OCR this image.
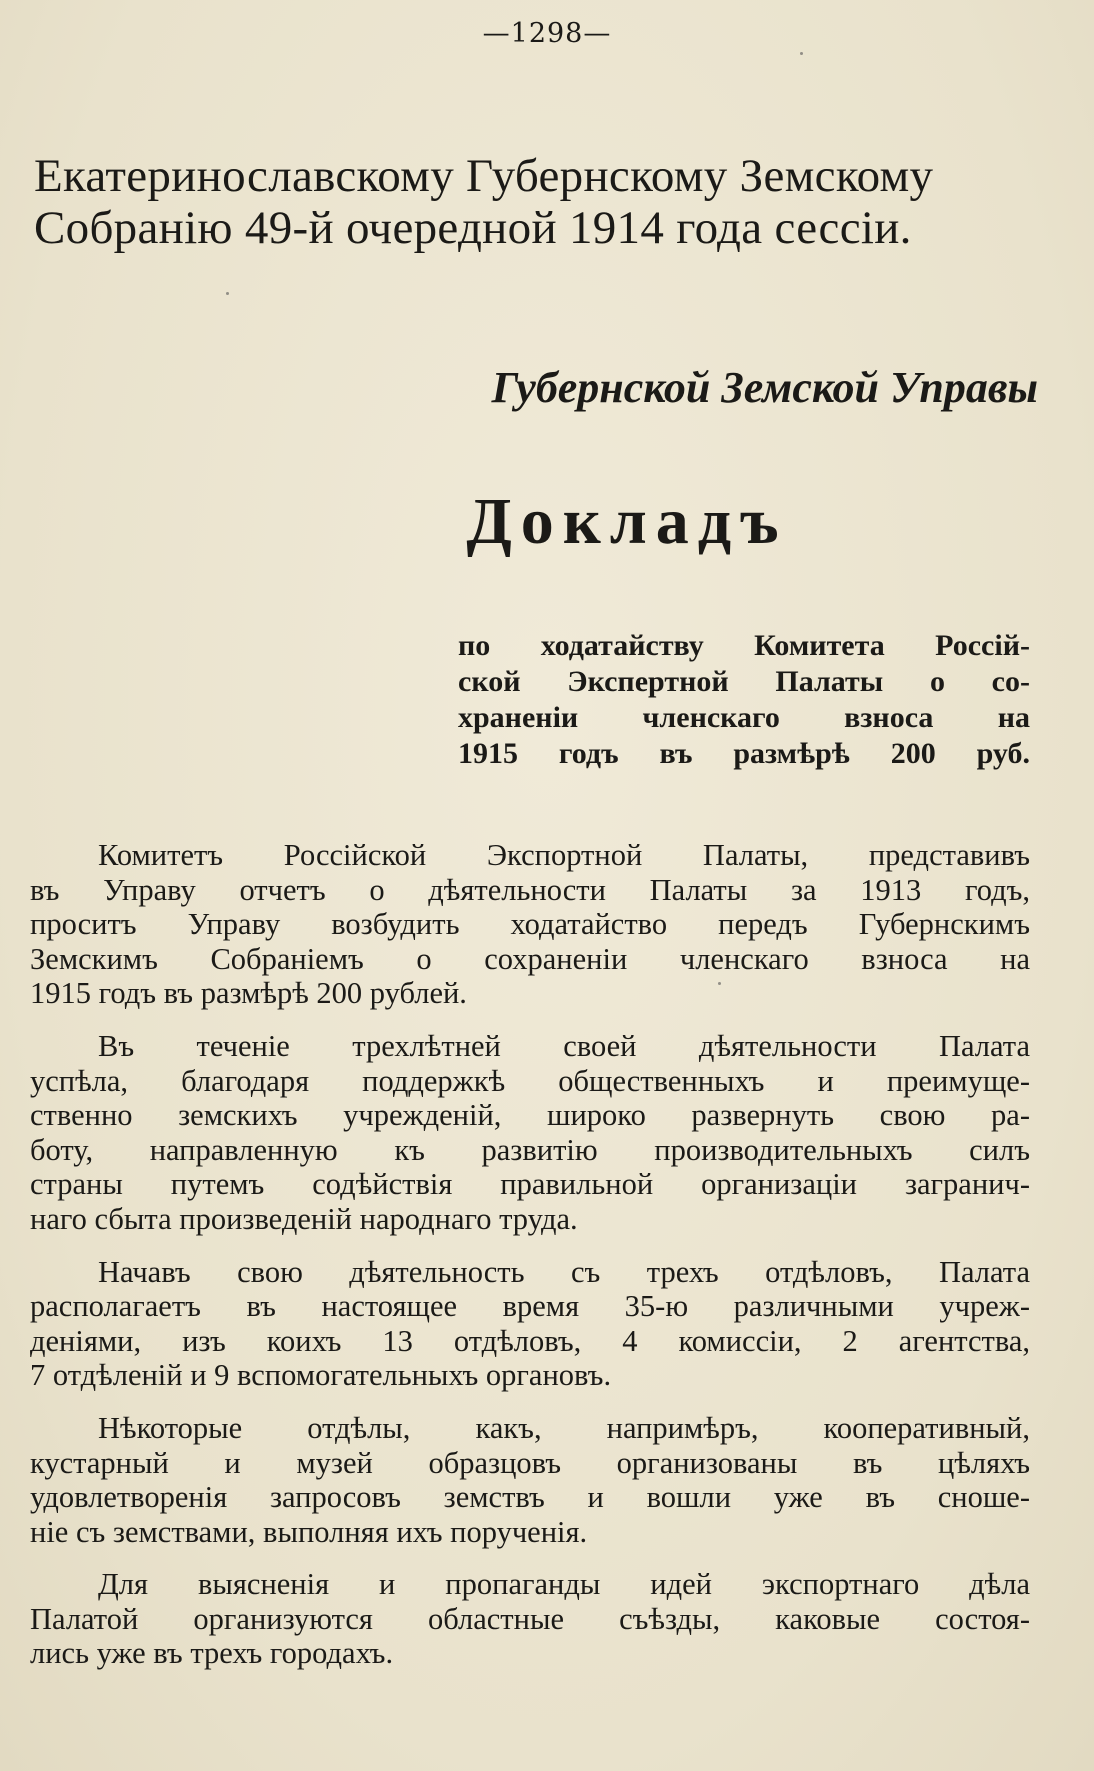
—1298—
Екатеринославскому Губернскому Земскому
Собранію 49-й очередной 1914 года сессіи.
Губернской Земской Управы
Докладъ
по ходатайству Комитета Россій-
ской Экспертной Палаты о со-
храненіи членскаго взноса на
1915 годъ въ размѣрѣ 200 руб.
Комитетъ Россійской Экспортной Палаты, представивъ
въ Управу отчетъ о дѣятельности Палаты за 1913 годъ,
проситъ Управу возбудить ходатайство передъ Губернскимъ
Земскимъ Собраніемъ о сохраненіи членскаго взноса на
1915 годъ въ размѣрѣ 200 рублей.
Въ теченіе трехлѣтней своей дѣятельности Палата
успѣла, благодаря поддержкѣ общественныхъ и преимуще-
ственно земскихъ учрежденій, широко развернуть свою ра-
боту, направленную къ развитію производительныхъ силъ
страны путемъ содѣйствія правильной организаціи загранич-
наго сбыта произведеній народнаго труда.
Начавъ свою дѣятельность съ трехъ отдѣловъ, Палата
располагаетъ въ настоящее время 35-ю различными учреж-
деніями, изъ коихъ 13 отдѣловъ, 4 комиссіи, 2 агентства,
7 отдѣленій и 9 вспомогательныхъ органовъ.
Нѣкоторые отдѣлы, какъ, напримѣръ, кооперативный,
кустарный и музей образцовъ организованы въ цѣляхъ
удовлетворенія запросовъ земствъ и вошли уже въ сноше-
ніе съ земствами, выполняя ихъ порученія.
Для выясненія и пропаганды идей экспортнаго дѣла
Палатой организуются областные съѣзды, каковые состоя-
лись уже въ трехъ городахъ.
